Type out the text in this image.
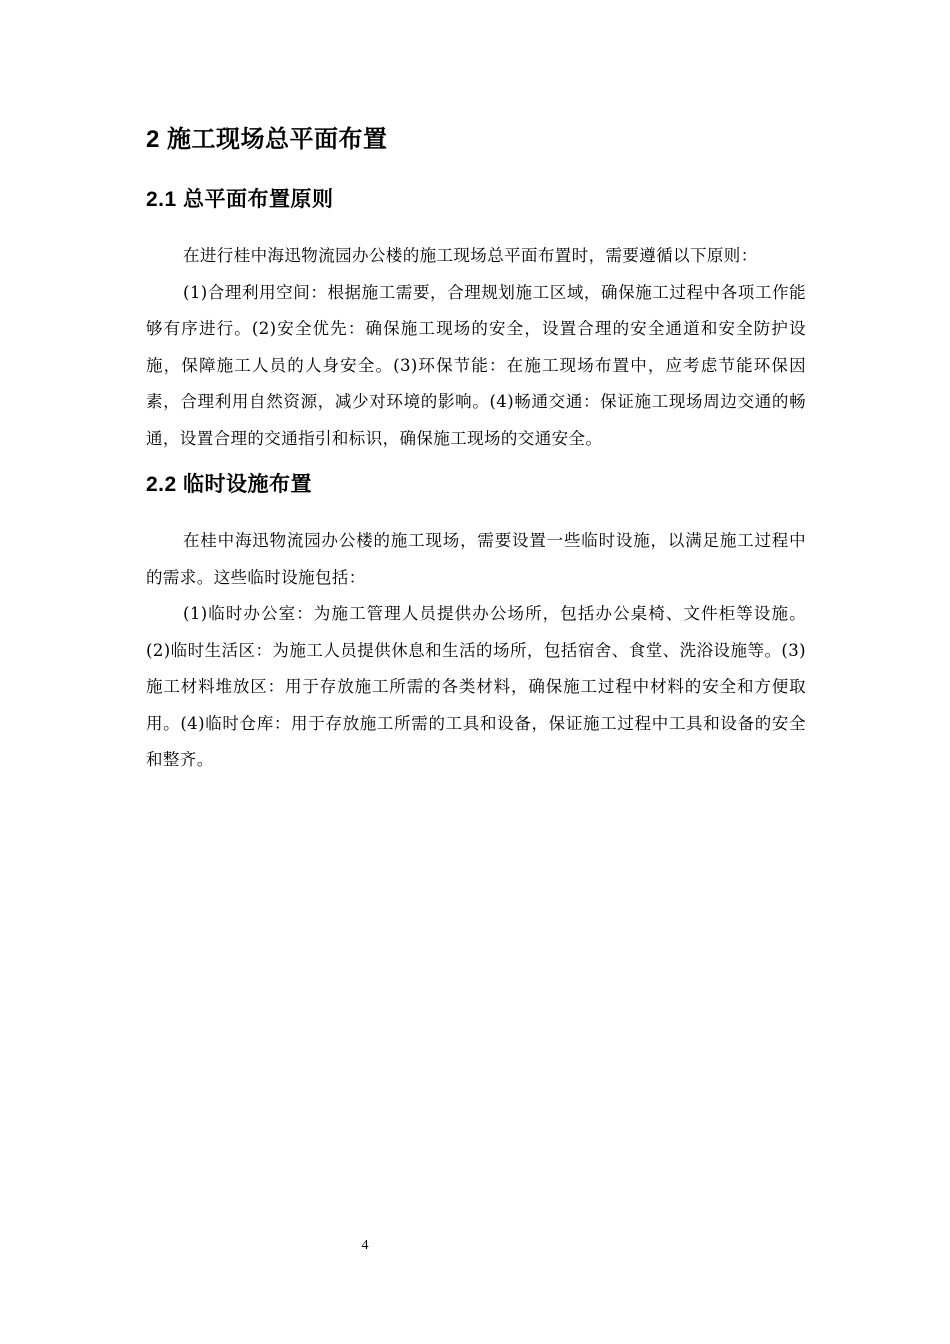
2 施工现场总平面布置
2.1 总平面布置原则

在进行桂中海迅物流园办公楼的施工现场总平面布置时，需要遵循以下原则：

(1)合理利用空间：根据施工需要，合理规划施工区域，确保施工过程中各项工作能够有序进行。(2)安全优先：确保施工现场的安全，设置合理的安全通道和安全防护设施，保障施工人员的人身安全。(3)环保节能：在施工现场布置中，应考虑节能环保因素，合理利用自然资源，减少对环境的影响。(4)畅通交通：保证施工现场周边交通的畅通，设置合理的交通指引和标识，确保施工现场的交通安全。

2.2 临时设施布置

在桂中海迅物流园办公楼的施工现场，需要设置一些临时设施，以满足施工过程中的需求。这些临时设施包括：

(1)临时办公室：为施工管理人员提供办公场所，包括办公桌椅、文件柜等设施。(2)临时生活区：为施工人员提供休息和生活的场所，包括宿舍、食堂、洗浴设施等。(3)施工材料堆放区：用于存放施工所需的各类材料，确保施工过程中材料的安全和方便取用。(4)临时仓库：用于存放施工所需的工具和设备，保证施工过程中工具和设备的安全和整齐。

4
